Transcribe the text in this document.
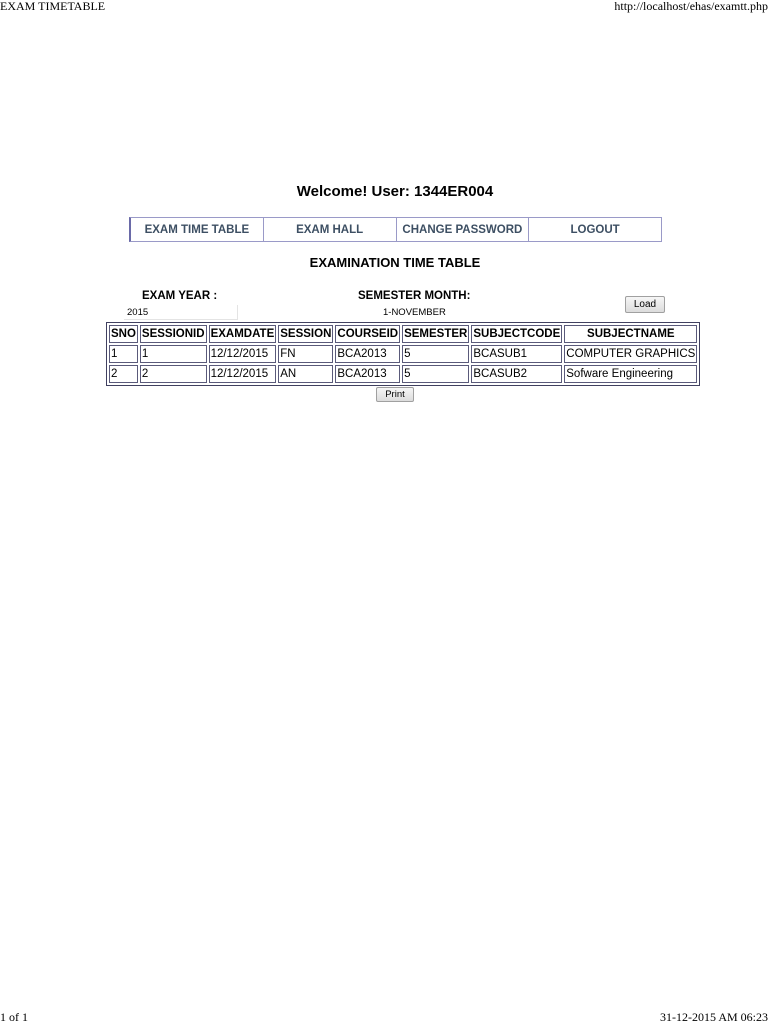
EXAM TIMETABLE	http://localhost/ehas/examtt.php
Welcome! User: 1344ER004
EXAM TIME TABLE	EXAM HALL	CHANGE PASSWORD	LOGOUT
EXAMINATION TIME TABLE
EXAM YEAR :	SEMESTER MONTH:
2015
1-NOVEMBER
Load
SNO	SESSIONID	EXAMDATE	SESSION	COURSEID	SEMESTER	SUBJECTCODE	SUBJECTNAME
1	1	12/12/2015	FN	BCA2013	5	BCASUB1	COMPUTER GRAPHICS
2	2	12/12/2015	AN	BCA2013	5	BCASUB2	Sofware Engineering
Print
1 of 1	31-12-2015 AM 06:23
